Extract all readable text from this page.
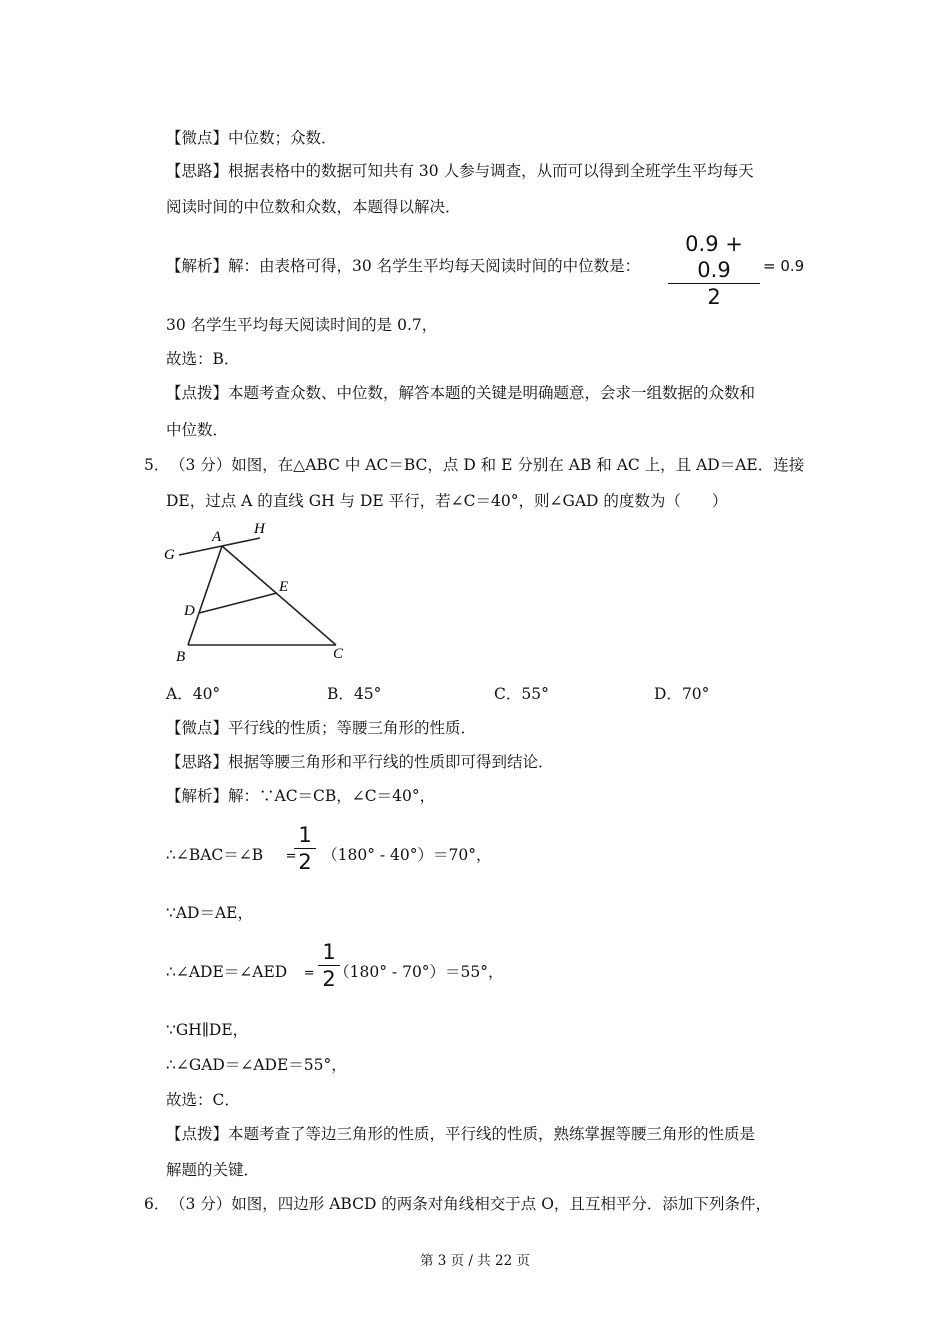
【微点】中位数；众数．
【思路】根据表格中的数据可知共有 30 人参与调查，从而可以得到全班学生平均每天
阅读时间的中位数和众数，本题得以解决．
【解析】解：由表格可得，30 名学生平均每天阅读时间的中位数是：
0.9 + 0.9
2
= 0.9
30 名学生平均每天阅读时间的是 0.7，
故选：B．
【点拨】本题考查众数、中位数，解答本题的关键是明确题意，会求一组数据的众数和
中位数．
5． （3 分）如图，在△ABC 中 AC＝BC，点 D 和 E 分别在 AB 和 AC 上，且 AD＝AE．连接
DE，过点 A 的直线 GH 与 DE 平行，若∠C＝40°，则∠GAD 的度数为（　　）
G
A H
E
D
B	C
A．40°	B．45°	C．55°	D．70°
【微点】平行线的性质；等腰三角形的性质．
【思路】根据等腰三角形和平行线的性质即可得到结论．
【解析】解：∵AC＝CB，∠C＝40°，
∴∠BAC＝∠B = （180° - 40°）＝70°，
1
2
∵AD＝AE，
∴∠ADE＝∠AED = （180° - 70°）＝55°，
1
2
∵GH∥DE，
∴∠GAD＝∠ADE＝55°，
故选：C．
【点拨】本题考查了等边三角形的性质，平行线的性质，熟练掌握等腰三角形的性质是
解题的关键．
6． （3 分）如图，四边形 ABCD 的两条对角线相交于点 O，且互相平分．添加下列条件，
第 3 页 / 共 22 页
